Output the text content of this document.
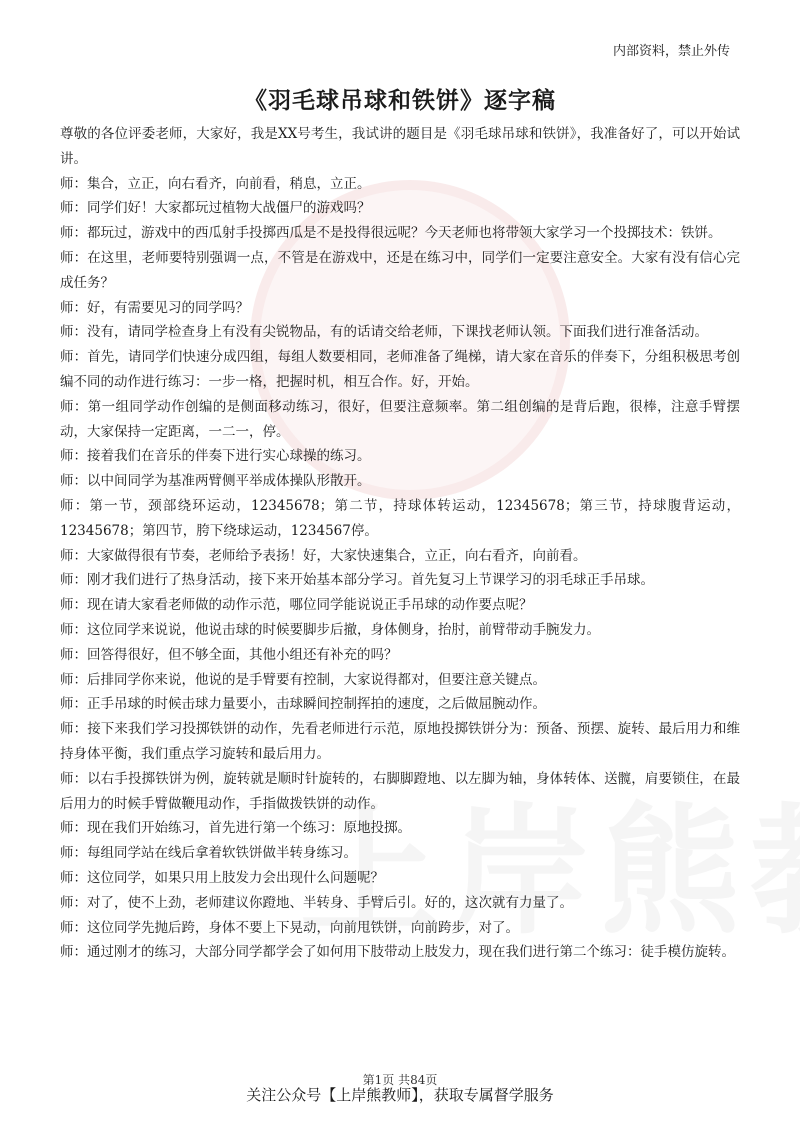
内部资料，禁止外传
《羽毛球吊球和铁饼》逐字稿

尊敬的各位评委老师，大家好，我是XX号考生，我试讲的题目是《羽毛球吊球和铁饼》，我准备好了，可以开始试讲。

师：集合，立正，向右看齐，向前看，稍息，立正。

师：同学们好！大家都玩过植物大战僵尸的游戏吗？

师：都玩过，游戏中的西瓜射手投掷西瓜是不是投得很远呢？今天老师也将带领大家学习一个投掷技术：铁饼。

师：在这里，老师要特别强调一点，不管是在游戏中，还是在练习中，同学们一定要注意安全。大家有没有信心完成任务？

师：好，有需要见习的同学吗？

师：没有，请同学检查身上有没有尖锐物品，有的话请交给老师，下课找老师认领。下面我们进行准备活动。

师：首先，请同学们快速分成四组，每组人数要相同，老师准备了绳梯，请大家在音乐的伴奏下，分组积极思考创编不同的动作进行练习：一步一格，把握时机，相互合作。好，开始。

师：第一组同学动作创编的是侧面移动练习，很好，但要注意频率。第二组创编的是背后跑，很棒，注意手臂摆动，大家保持一定距离，一二一，停。

师：接着我们在音乐的伴奏下进行实心球操的练习。

师：以中间同学为基准两臂侧平举成体操队形散开。

师：第一节，颈部绕环运动，12345678；第二节，持球体转运动，12345678；第三节，持球腹背运动，12345678；第四节，胯下绕球运动，1234567停。

师：大家做得很有节奏，老师给予表扬！好，大家快速集合，立正，向右看齐，向前看。

师：刚才我们进行了热身活动，接下来开始基本部分学习。首先复习上节课学习的羽毛球正手吊球。

师：现在请大家看老师做的动作示范，哪位同学能说说正手吊球的动作要点呢？

师：这位同学来说说，他说击球的时候要脚步后撤，身体侧身，抬肘，前臂带动手腕发力。

师：回答得很好，但不够全面，其他小组还有补充的吗？

师：后排同学你来说，他说的是手臂要有控制，大家说得都对，但要注意关键点。

师：正手吊球的时候击球力量要小，击球瞬间控制挥拍的速度，之后做屈腕动作。

师：接下来我们学习投掷铁饼的动作，先看老师进行示范，原地投掷铁饼分为：预备、预摆、旋转、最后用力和维持身体平衡，我们重点学习旋转和最后用力。

师：以右手投掷铁饼为例，旋转就是顺时针旋转的，右脚脚蹬地、以左脚为轴，身体转体、送髋，肩要锁住，在最后用力的时候手臂做鞭甩动作，手指做拨铁饼的动作。

师：现在我们开始练习，首先进行第一个练习：原地投掷。

师：每组同学站在线后拿着软铁饼做半转身练习。

师：这位同学，如果只用上肢发力会出现什么问题呢？

师：对了，使不上劲，老师建议你蹬地、半转身、手臂后引。好的，这次就有力量了。

师：这位同学先抛后跨，身体不要上下晃动，向前甩铁饼，向前跨步，对了。

师：通过刚才的练习，大部分同学都学会了如何用下肢带动上肢发力，现在我们进行第二个练习：徒手模仿旋转。

第1页 共84页
关注公众号【上岸熊教师】，获取专属督学服务
